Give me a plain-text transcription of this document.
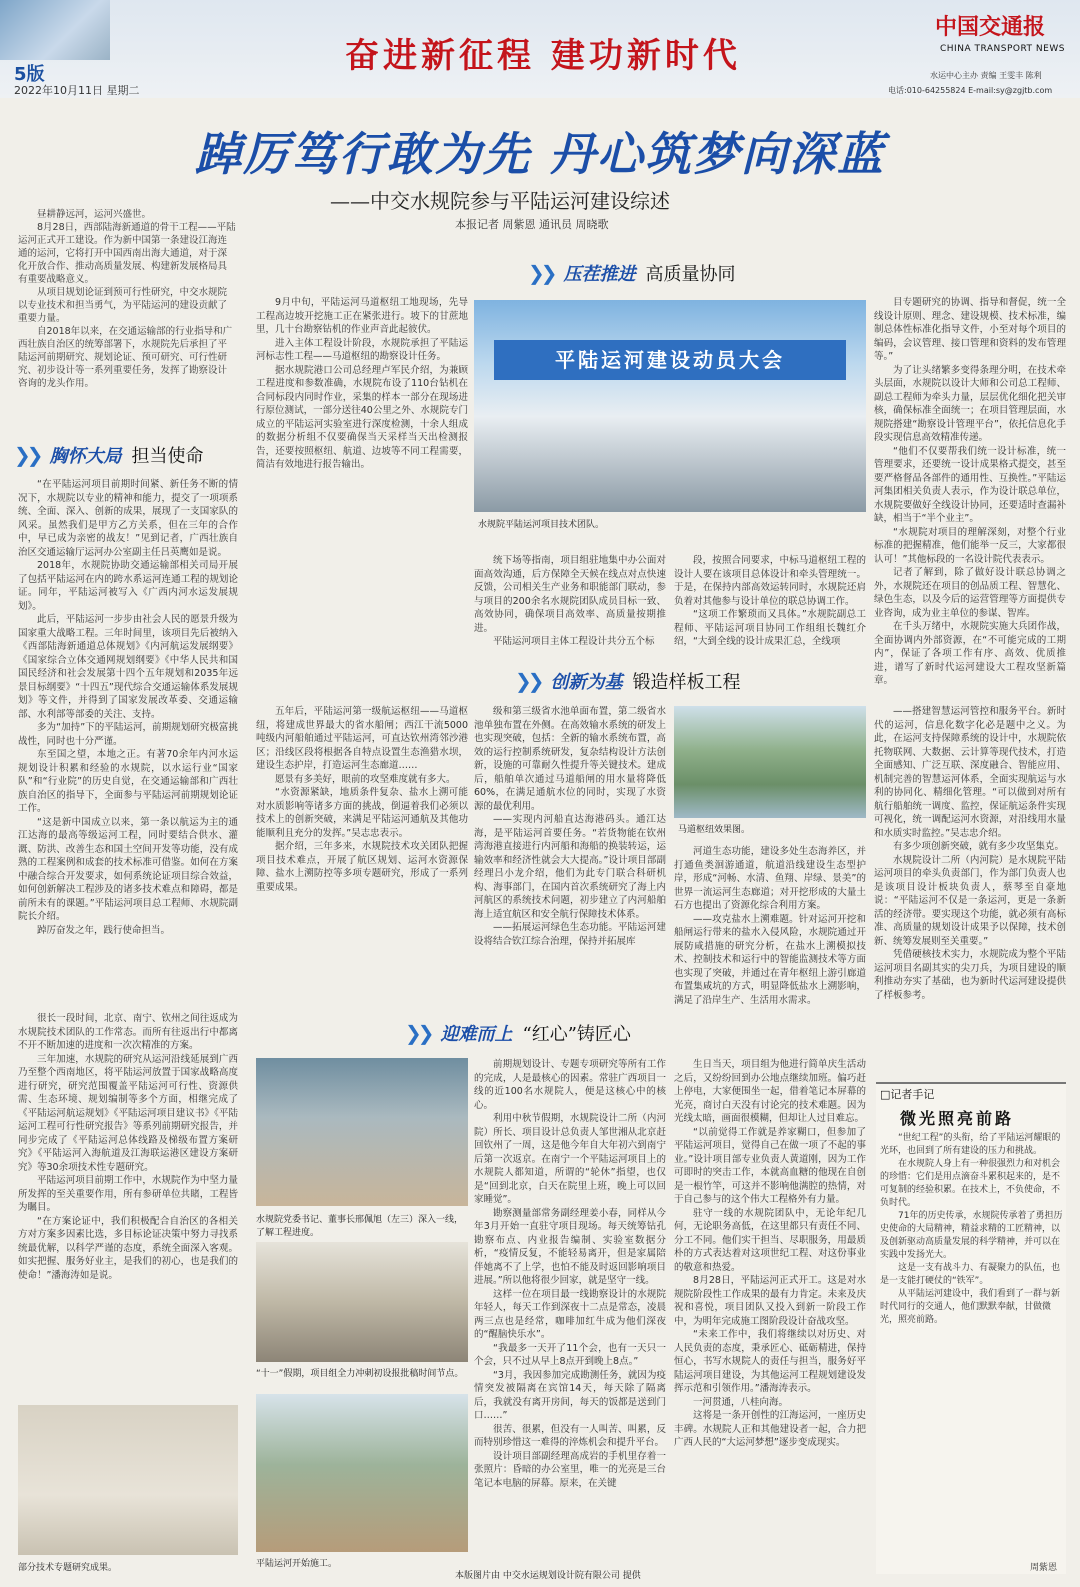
5版
2022年10月11日 星期二
奋进新征程 建功新时代
中国交通报
CHINA TRANSPORT NEWS
水运中心主办 责编 王雯丰 陈利
电话:010-64255824 E-mail:sy@zgjtb.com
踔厉笃行敢为先 丹心筑梦向深蓝
——中交水规院参与平陆运河建设综述
本报记者 周紫恩 通讯员 周晓歌

昼耕静远河，运河兴盛世。

8月28日，西部陆海新通道的骨干工程——平陆运河正式开工建设。作为新中国第一条建设江海连通的运河，它将打开中国西南出海大通道，对于深化开放合作、推动高质量发展、构建新发展格局具有重要战略意义。

从项目规划论证到预可行性研究，中交水规院以专业技术和担当勇气，为平陆运河的建设贡献了重要力量。

自2018年以来，在交通运输部的行业指导和广西壮族自治区的统筹部署下，水规院先后承担了平陆运河前期研究、规划论证、预可研究、可行性研究、初步设计等一系列重要任务，发挥了勘察设计咨询的龙头作用。

❯❯ 胸怀大局 担当使命

“在平陆运河项目前期时间紧、新任务不断的情况下，水规院以专业的精神和能力，提交了一项项系统、全面、深入、创新的成果，展现了一支国家队的风采。虽然我们是甲方乙方关系，但在三年的合作中，早已成为亲密的战友！”见到记者，广西壮族自治区交通运输厅运河办公室副主任吕英鹰如是说。

2018年，水规院协助交通运输部相关司局开展了包括平陆运河在内的跨水系运河连通工程的规划论证。同年，平陆运河被写入《广西内河水运发展规划》。

此后，平陆运河一步步由社会人民的愿景升级为国家重大战略工程。三年时间里，该项目先后被纳入《西部陆海新通道总体规划》《内河航运发展纲要》《国家综合立体交通网规划纲要》《中华人民共和国国民经济和社会发展第十四个五年规划和2035年远景目标纲要》“十四五”现代综合交通运输体系发展规划》等文件，并得到了国家发展改革委、交通运输部、水利部等部委的关注、支持。

多为“加持”下的平陆运河，前期规划研究极富挑战性，同时也十分严谨。

东至国之望，本地之正。有著70余年内河水运规划设计积累和经验的水规院，以水运行业“国家队”和“行业院”的历史自觉，在交通运输部和广西壮族自治区的指导下，全面参与平陆运河前期规划论证工作。

“这是新中国成立以来，第一条以航运为主的通江达海的最高等级运河工程，同时要结合供水、灌溉、防洪、改善生态和国土空间开发等功能，没有成熟的工程案例和成套的技术标准可借鉴。如何在方案中融合综合开发要求，如何系统论证项目综合效益，如何创新解决工程涉及的诸多技术难点和障碍，都是前所未有的课题。”平陆运河项目总工程师、水规院副院长介绍。

踔厉奋发之年，践行使命担当。

❯❯ 压茬推进 高质量协同

9月中旬，平陆运河马道枢纽工地现场，先导工程高边坡开挖施工正在紧张进行。坡下的甘蔗地里，几十台勘察钻机的作业声音此起彼伏。

进入主体工程设计阶段，水规院承担了平陆运河标志性工程——马道枢纽的勘察设计任务。

据水规院港口公司总经理卢军民介绍，为兼顾工程进度和参数准确，水规院布设了110台钻机在合同标段内同时作业，采集的样本一部分在现场进行原位测试，一部分送往40公里之外、水规院专门成立的平陆运河实验室进行深度检测，十余人组成的数据分析组不仅要确保当天采样当天出检测报告，还要按照枢纽、航道、边坡等不同工程需要，简洁有效地进行报告输出。

平陆运河建设动员大会
水规院平陆运河项目技术团队。

统下场等指南，项目组驻地集中办公面对面高效沟通，后方保障全天候在线点对点快速反馈，公司相关生产业务和职能部门联动，参与项目的200余名水规院团队成员目标一致、高效协同，确保项目高效率、高质量按期推进。

平陆运河项目主体工程设计共分五个标

段，按照合同要求，中标马道枢纽工程的设计人要在该项目总体设计和牵头管理统一。于是，在保持内部高效运转同时，水规院还肩负着对其他参与设计单位的联总协调工作。

“这项工作繁琐而又具体。”水规院副总工程师、平陆运河项目协同工作组组长魏红介绍，“大到全线的设计成果汇总，全线项

目专题研究的协调、指导和督促，统一全线设计原则、理念、建设规模、技术标准，编制总体性标准化指导文件，小至对每个项目的编码，会议管理、接口管理和资料的发布管理等。”

为了让头绪繁多变得条理分明，在技术牵头层面，水规院以设计大师和公司总工程师、副总工程师为牵头力量，层层优化细化把关审核，确保标准全面统一；在项目管理层面，水规院搭建“勘察设计管理平台”，依托信息化手段实现信息高效精准传递。

“他们不仅要帮我们统一设计标准，统一管理要求，还要统一设计成果格式提交，甚至要严格督品各部件的通用性、互换性。”平陆运河集团相关负责人表示，作为设计联总单位，水规院要做好全线设计协同，还要适时查漏补缺，相当于“半个业主”。

“水规院对项目的理解深刻，对整个行业标准的把握精准，他们能举一反三，大家都很认可！”其他标段的一名设计院代表表示。

记者了解到，除了做好设计联总协调之外，水规院还在项目的创品质工程、智慧化、绿色生态，以及今后的运营管理等方面提供专业咨询，成为业主单位的参谋、智库。

在千头万绪中，水规院实施大兵团作战，全面协调内外部资源，在“不可能完成的工期内”，保证了各项工作有序、高效、优质推进，谱写了新时代运河建设大工程攻坚新篇章。

❯❯ 创新为基 锻造样板工程

五年后，平陆运河第一级航运枢纽——马道枢纽，将建成世界最大的省水船闸；西江干流5000吨级内河船舶通过平陆运河，可直达钦州湾邻沙港区；沿线区段将根据各自特点设置生态渔猎水坝，建设生态护岸，打造运河生态廊道……

愿景有多美好，眼前的攻坚难度就有多大。

“水资源紧缺，地质条件复杂、盐水上溯可能对水质影响等诸多方面的挑战，倒逼着我们必须以技术上的创新突破，来满足平陆运河通航及其他功能顺利且充分的发挥。”吴志忠表示。

据介绍，三年多来，水规院技术攻关团队把握项目技术难点，开展了航区规划、运河水资源保障、盐水上溯防控等多项专题研究，形成了一系列重要成果。

级和第三级省水池单面布置，第二级省水池单独布置在外侧。在高效输水系统的研发上也实现突破，包括：全新的输水系统布置，高效的运行控制系统研发，复杂结构设计方法创新，设施的可靠耐久性提升等关键技术。建成后，船舶单次通过马道船闸的用水量将降低60%，在满足通航水位的同时，实现了水资源的最优利用。

——实现内河船直达海港码头。通江达海，是平陆运河首要任务。“若货物能在钦州湾海港直接进行内河船和海船的换装转运，运输效率和经济性就会大大提高。”设计项目部副经理吕小龙介绍，他们为此专门联合科研机构、海事部门，在国内首次系统研究了海上内河航区的系统技术问题，初步建立了内河船舶海上适宜航区和安全航行保障技术体系。

——拓展运河绿色生态功能。平陆运河建设将结合钦江综合治理，保持并拓展库

马道枢纽效果图。

河道生态功能，建设多处生态海养区，并打通鱼类洄游通道，航道沿线建设生态型护岸，形成“河畅、水清、鱼翔、岸绿、景美”的世界一流运河生态廊道；对开挖形成的大量土石方也提出了资源化综合利用方案。

——攻克盐水上溯难题。针对运河开挖和船闸运行带来的盐水入侵风险，水规院通过开展防咸措施的研究分析，在盐水上溯模拟技术、控制技术和运行中的智能监测技术等方面也实现了突破，并通过在青年枢纽上游引廊道布置集咸坑的方式，明显降低盐水上溯影响，满足了沿岸生产、生活用水需求。

——搭建智慧运河管控和服务平台。新时代的运河，信息化数字化必是题中之义。为此，在运河支持保障系统的设计中，水规院依托物联网、大数据、云计算等现代技术，打造全面感知、广泛互联、深度融合、智能应用、机制完善的智慧运河体系，全面实现航运与水利的协同化、精细化管理。“可以做到对所有航行船舶统一调度、监控，保证航运条件实现可视化，统一调配运河水资源，对沿线用水量和水质实时监控。”吴志忠介绍。

有多少项创新突破，就有多少攻坚集克。

水规院设计二所（内河院）是水规院平陆运河项目的牵头负责部门，作为部门负责人也是该项目设计板块负责人，蔡琴至自豪地说：“平陆运河不仅是一条运河，更是一条新活的经济带。要实现这个功能，就必须有高标准、高质量的规划设计成果予以保障，技术创新、统筹发展则至关重要。”

凭借硬核技术实力，水规院成为整个平陆运河项目名副其实的尖刀兵，为项目建设的顺利推动夯实了基础，也为新时代运河建设提供了样板参考。

❯❯ 迎难而上 “红心”铸匠心

很长一段时间，北京、南宁、钦州之间往返成为水规院技术团队的工作常态。而所有往返出行中都离不开不断加速的进度和一次次精准的方案。

三年加速，水规院的研究从运河沿线延展到广西乃至整个西南地区，将平陆运河放置于国家战略高度进行研究，研究范围覆盖平陆运河可行性、资源供需、生态环境、规划编制等多个方面，相继完成了《平陆运河航运规划》《平陆运河项目建议书》《平陆运河工程可行性研究报告》等系列前期研究报告，并同步完成了《平陆运河总体线路及梯级布置方案研究》《平陆运河入海航道及江海联运港区建设方案研究》等30余项技术性专题研究。

平陆运河项目前期工作中，水规院作为中坚力量所发挥的至关重要作用，所有参研单位共睹，工程皆为瞩目。

“在方案论证中，我们积极配合自治区的各相关方对方案多因素比选，多目标论证决策中努力寻找系统最优解，以科学严谨的态度，系统全面深入客观。如实把握、服务好业主，是我们的初心，也是我们的使命！”潘海涛如是说。

部分技术专题研究成果。
水规院党委书记、董事长邢佩旭（左三）深入一线，了解工程进度。
“十一”假期，项目组全力冲刺初设报批稿时间节点。
平陆运河开始施工。

前期规划设计、专题专项研究等所有工作的完成，人是最核心的因素。常驻广西项目一线的近100名水规院人，便是这核心中的核心。

利用中秋节假期，水规院设计二所（内河院）所长、项目设计总负责人邹世湘从北京赶回钦州了一周，这是他今年自大年初六到南宁后第一次返京。在南宁一个平陆运河项目上的水规院人都知道，所谓的“轮休”指望，也仅是“回到北京，白天在院里上班，晚上可以回家睡觉”。

勘察测量部常务副经理姜小春，同样从今年3月开始一直驻守项目现场。每天统筹钻孔勘察布点、内业报告编制、实验室数据分析，“疫情反复，不能轻易离开，但是家属陪伴她离不了上学，也怕不能及时返回影响项目进展。”所以他将很少回家，就是坚守一线。

这样一位在项目最一线勘察设计的水规院年轻人，每天工作到深夜十二点是常态，凌晨两三点也是经常，咖啡加红牛成为他们深夜的“醒脑快乐水”。

“我最多一天开了11个会，也有一天只一个会，只不过从早上8点开到晚上8点。”

“3月，我因参加完成勘测任务，就因为疫情突发被隔离在宾馆14天，每天除了隔离后，我就没有离开房间，每天的饭都是送到门口……”

很苦、很累，但没有一人叫苦、叫累，反而特别珍惜这一难得的淬炼机会和提升平台。

设计项目部副经理高成岩的手机里存着一张照片：昏暗的办公室里，唯一的光亮是三台笔记本电脑的屏幕。原来，在关键

生日当天，项目组为他进行简单庆生活动之后，又纷纷回到办公地点继续加班。偏巧赶上停电，大家便围坐一起，借着笔记本屏幕的光亮，商讨白天没有讨论完的技术难题。因为光线太暗，画面很模糊，但却让人过目难忘。

“以前觉得工作就是养家糊口，但参加了平陆运河项目，觉得自己在做一项了不起的事业。”设计项目部专业负责人黄道刚，因为工作可即时的突击工作，本就高血糖的他现在自创是一根竹竿，可这并不影响他满腔的热情，对于自己参与的这个伟大工程格外有力量。

驻守一线的水规院团队中，无论年纪几何，无论职务高低，在这里都只有责任不同、分工不同。他们实干担当、尽职服务，用最质朴的方式表达着对这项世纪工程、对这份事业的敬意和热爱。

8月28日，平陆运河正式开工。这是对水规院阶段性工作成果的最有力肯定。未来及庆祝和喜悦，项目团队又投入到新一阶段工作中，为明年完成施工图阶段设计奋战攻坚。

“未来工作中，我们将继续以对历史、对人民负责的态度，秉承匠心、砥砺精进，保持恒心，书写水规院人的责任与担当，服务好平陆运河项目建设，为其他运河工程规划建设发挥示范和引领作用。”潘海涛表示。

一河贯通，八桂向海。

这将是一条开创性的江海运河，一座历史丰碑。水规院人正和其他建设者一起，合力把广西人民的“大运河梦想”逐步变成现实。

□记者手记
微光照亮前路

“世纪工程”的头衔，给了平陆运河耀眼的光环，也回到了所有建设的压力和挑战。

在水规院人身上有一种很强烈力和对机会的珍惜：它们是用点滴奋斗累积起来的，是不可复制的经验积累。在技术上，不负使命，不负时代。

71年的历史传承，水规院传承着了勇担历史使命的大局精神，精益求精的工匠精神，以及创新驱动高质量发展的科学精神，并可以在实践中发扬光大。

这是一支有战斗力、有凝聚力的队伍，也是一支能打硬仗的“铁军”。

从平陆运河建设中，我们看到了一群与新时代同行的交通人，他们默默奉献，甘做微光，照亮前路。

周紫恩
本版图片由 中交水运规划设计院有限公司 提供
